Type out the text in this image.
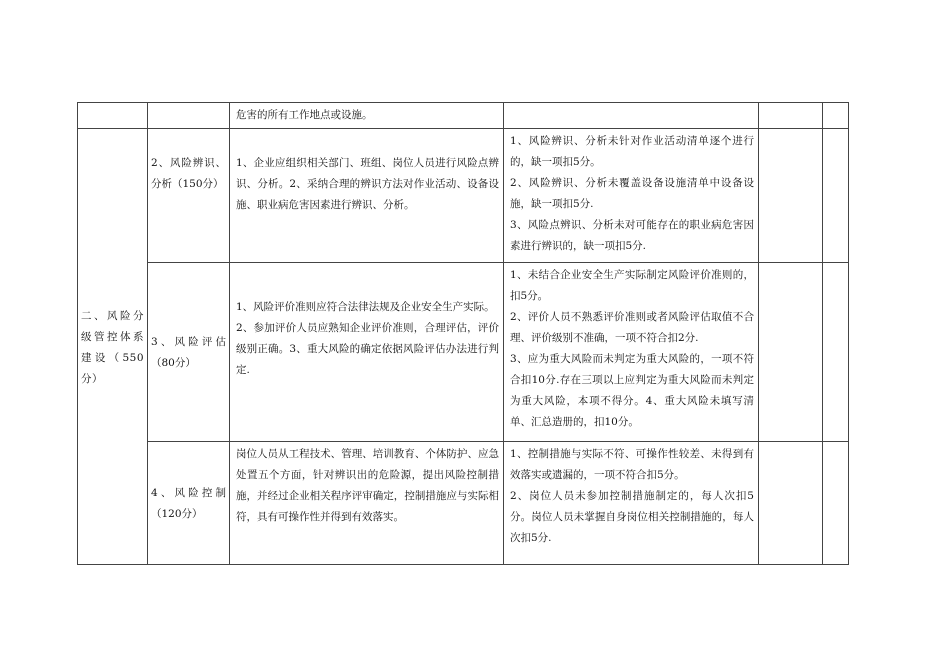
		危害的所有工作地点或设施。			
二、风险分级管控体系建设（550分）	2、风险辨识、分析（150分）	1、企业应组织相关部门、班组、岗位人员进行风险点辨识、分析。2、采纳合理的辨识方法对作业活动、设备设施、职业病危害因素进行辨识、分析。	1、风险辨识、分析未针对作业活动清单逐个进行的，缺一项扣5分。
2、风险辨识、分析未覆盖设备设施清单中设备设施，缺一项扣5分.
3、风险点辨识、分析未对可能存在的职业病危害因素进行辨识的，缺一项扣5分.		
	3、风险评估（80分）	1、风险评价准则应符合法律法规及企业安全生产实际。
2、参加评价人员应熟知企业评价准则，合理评估，评价级别正确。3、重大风险的确定依据风险评估办法进行判定.	1、未结合企业安全生产实际制定风险评价准则的，扣5分。
2、评价人员不熟悉评价准则或者风险评估取值不合理、评价级别不准确，一项不符合扣2分.
3、应为重大风险而未判定为重大风险的，一项不符合扣10分.存在三项以上应判定为重大风险而未判定为重大风险，本项不得分。4、重大风险未填写清单、汇总造册的，扣10分。		
	4、风险控制（120分）	岗位人员从工程技术、管理、培训教育、个体防护、应急处置五个方面，针对辨识出的危险源，提出风险控制措施，并经过企业相关程序评审确定，控制措施应与实际相符，具有可操作性并得到有效落实。	1、控制措施与实际不符、可操作性较差、未得到有效落实或遗漏的，一项不符合扣5分。
2、岗位人员未参加控制措施制定的，每人次扣5分。岗位人员未掌握自身岗位相关控制措施的，每人次扣5分.		
